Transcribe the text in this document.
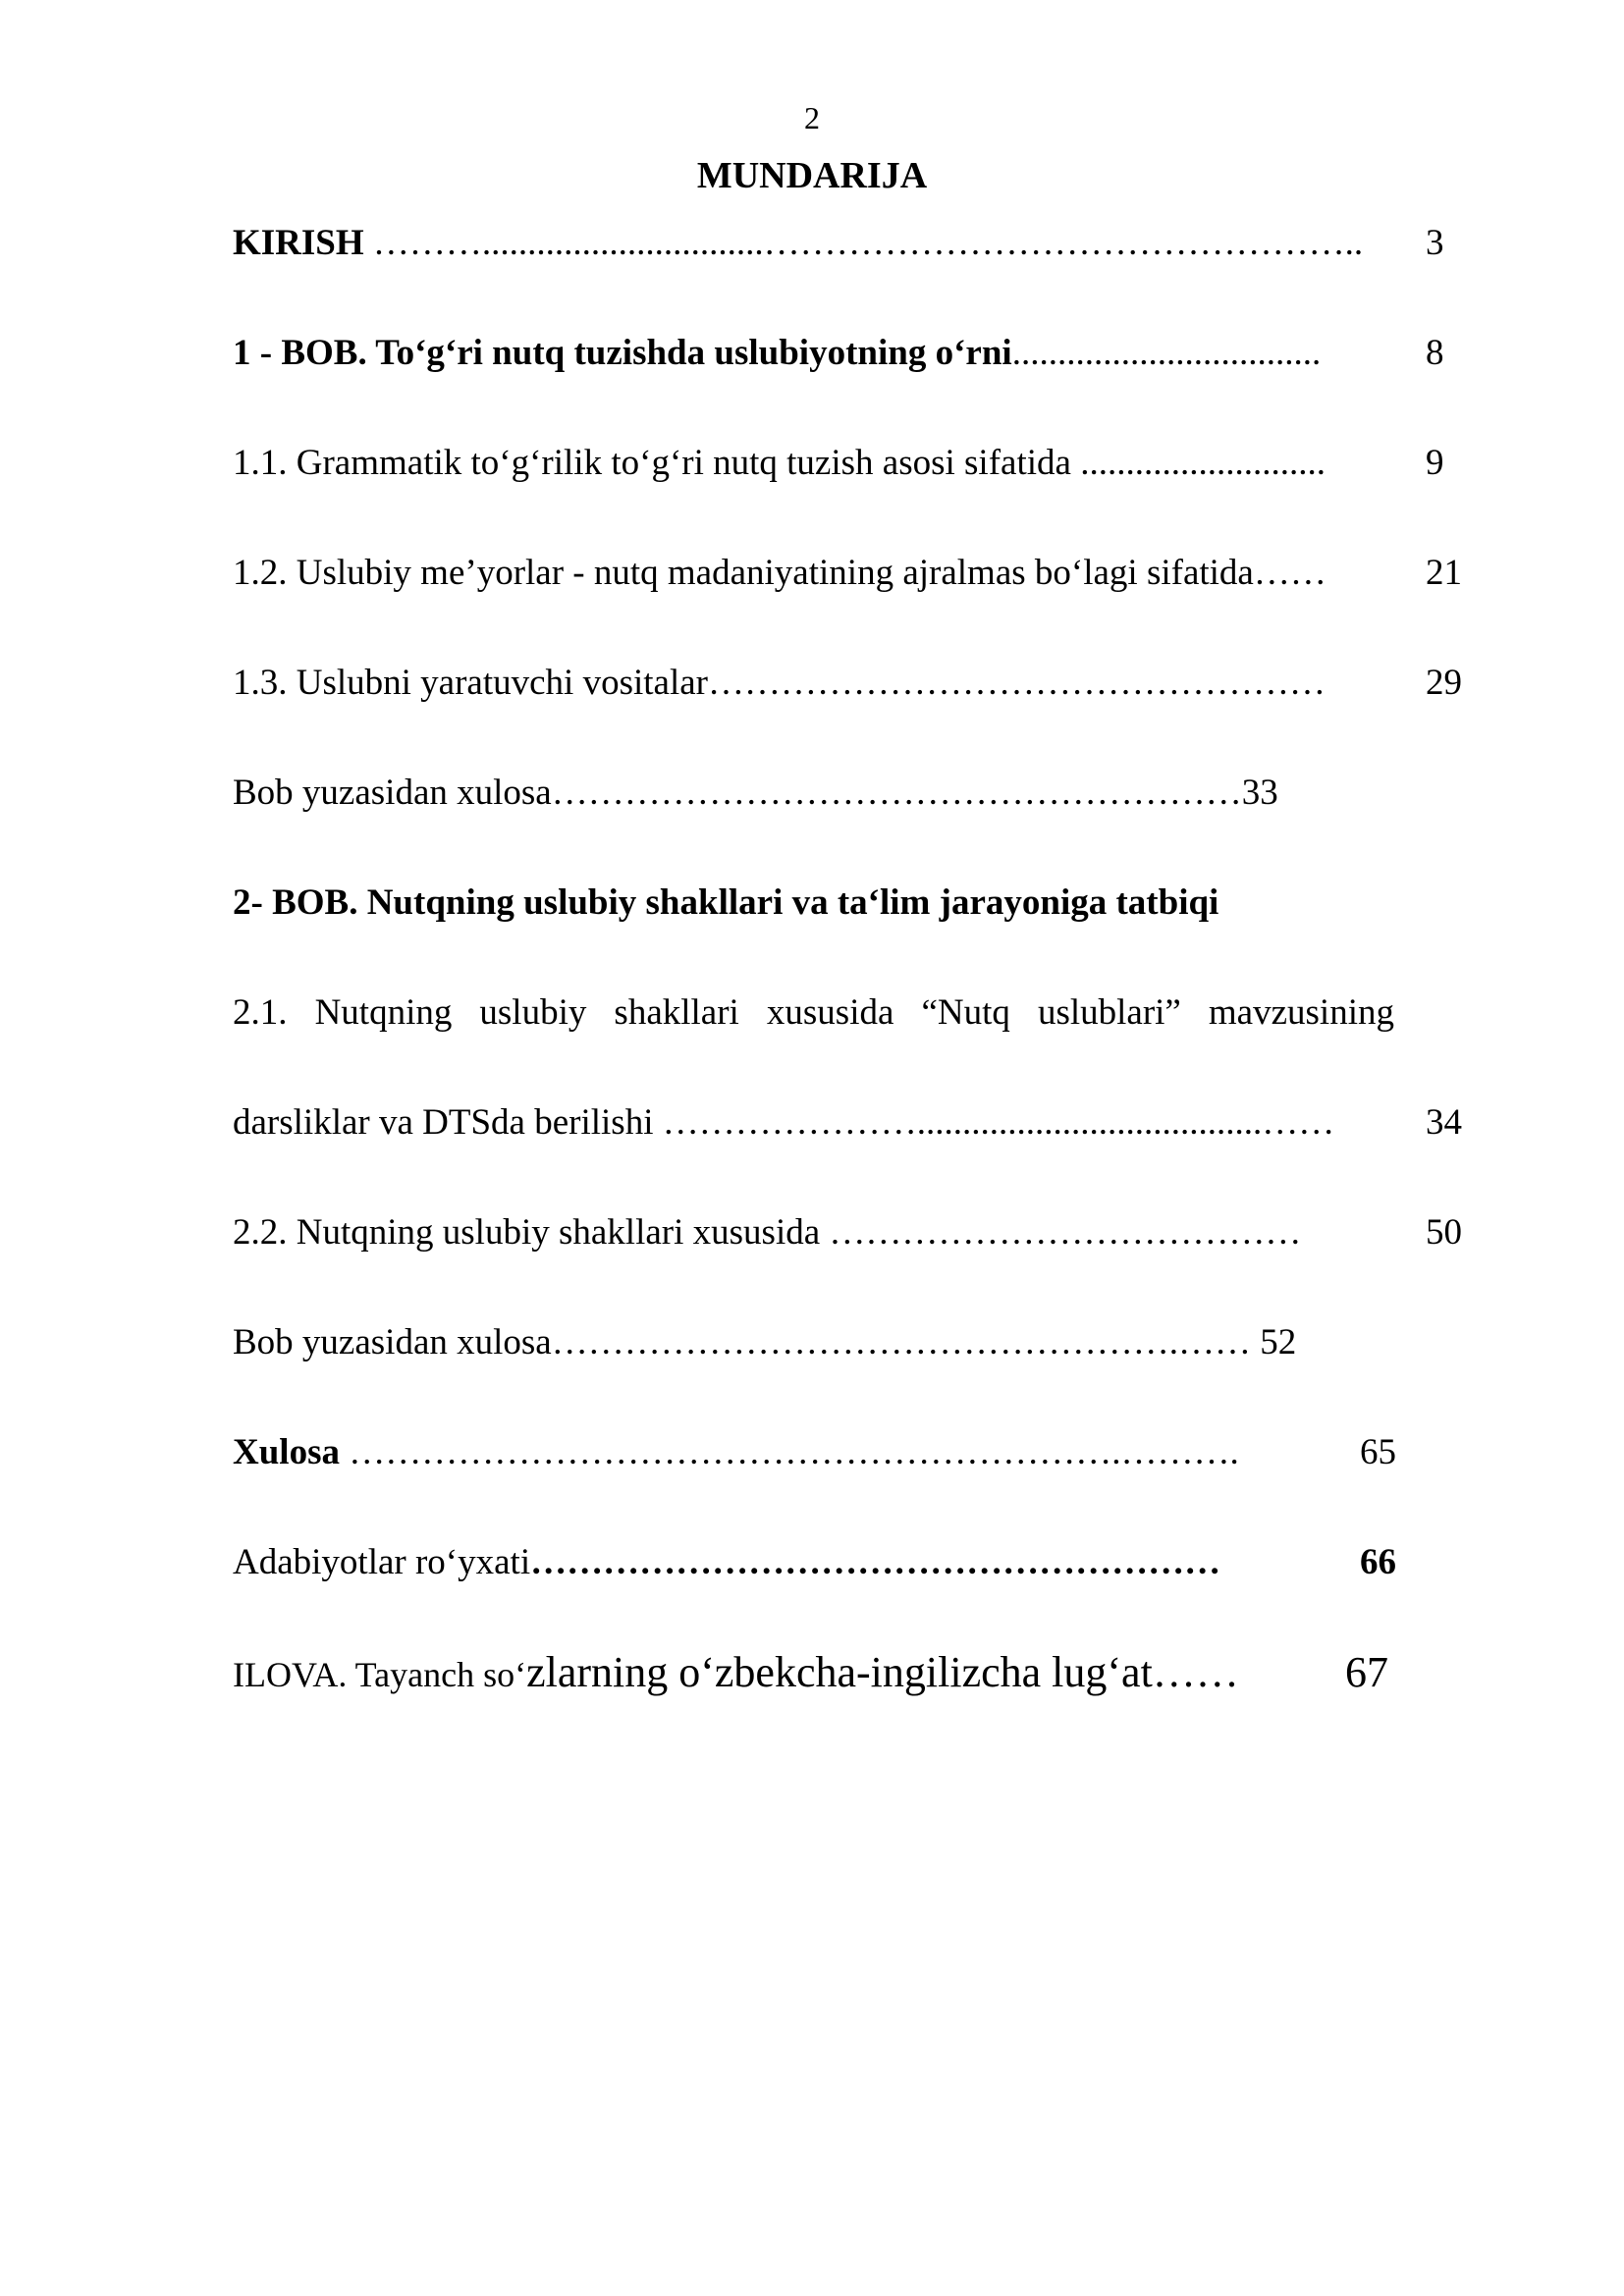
2
MUNDARIJA
KIRISH ………...............................………………………………………….. 3
1 - BOB. To‘g‘ri nutq tuzishda uslubiyotning o‘rni..................................	8
1.1. Grammatik to‘g‘rilik to‘g‘ri nutq tuzish asosi sifatida ...........................	9
1.2. Uslubiy me’yorlar - nutq madaniyatining ajralmas bo‘lagi sifatida……	21
1.3. Uslubni yaratuvchi vositalar……………………………………………	29
Bob yuzasidan xulosa…………………………………………………33
2- BOB. Nutqning uslubiy shakllari va ta‘lim jarayoniga tatbiqi
2.1. Nutqning uslubiy shakllari xususida “Nutq uslublari” mavzusining
darsliklar va DTSda berilishi …………………......................................……	34
2.2. Nutqning uslubiy shakllari xususida …………………………………	50
Bob yuzasidan xulosa…………………………………………….…… 52
Xulosa ……………………………………………………….……….	65
Adabiyotlar ro‘yxati…………………………………………………	66
ILOVA. Tayanch so‘zlarning o‘zbekcha-ingilizcha lug‘at…… 67
